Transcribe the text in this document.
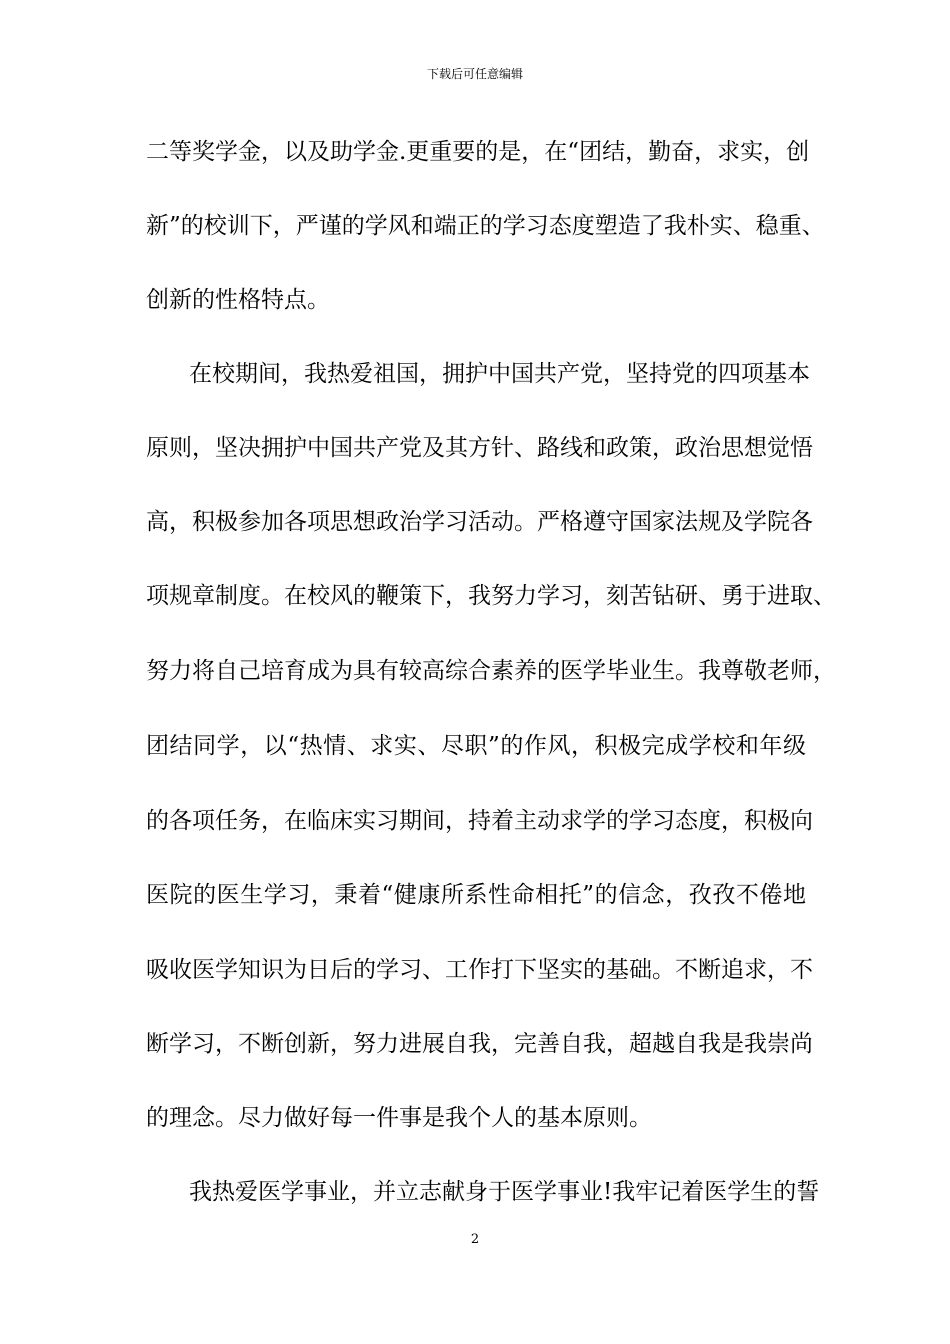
下载后可任意编辑
二等奖学金，以及助学金.更重要的是，在“团结，勤奋，求实，创
新”的校训下，严谨的学风和端正的学习态度塑造了我朴实、稳重、
创新的性格特点。
在校期间，我热爱祖国，拥护中国共产党，坚持党的四项基本
原则，坚决拥护中国共产党及其方针、路线和政策，政治思想觉悟
高，积极参加各项思想政治学习活动。严格遵守国家法规及学院各
项规章制度。在校风的鞭策下，我努力学习，刻苦钻研、勇于进取、
努力将自己培育成为具有较高综合素养的医学毕业生。我尊敬老师，
团结同学，以“热情、求实、尽职”的作风，积极完成学校和年级
的各项任务，在临床实习期间，持着主动求学的学习态度，积极向
医院的医生学习，秉着“健康所系性命相托”的信念，孜孜不倦地
吸收医学知识为日后的学习、工作打下坚实的基础。不断追求，不
断学习，不断创新，努力进展自我，完善自我，超越自我是我崇尚
的理念。尽力做好每一件事是我个人的基本原则。
我热爱医学事业，并立志献身于医学事业!我牢记着医学生的誓
2
